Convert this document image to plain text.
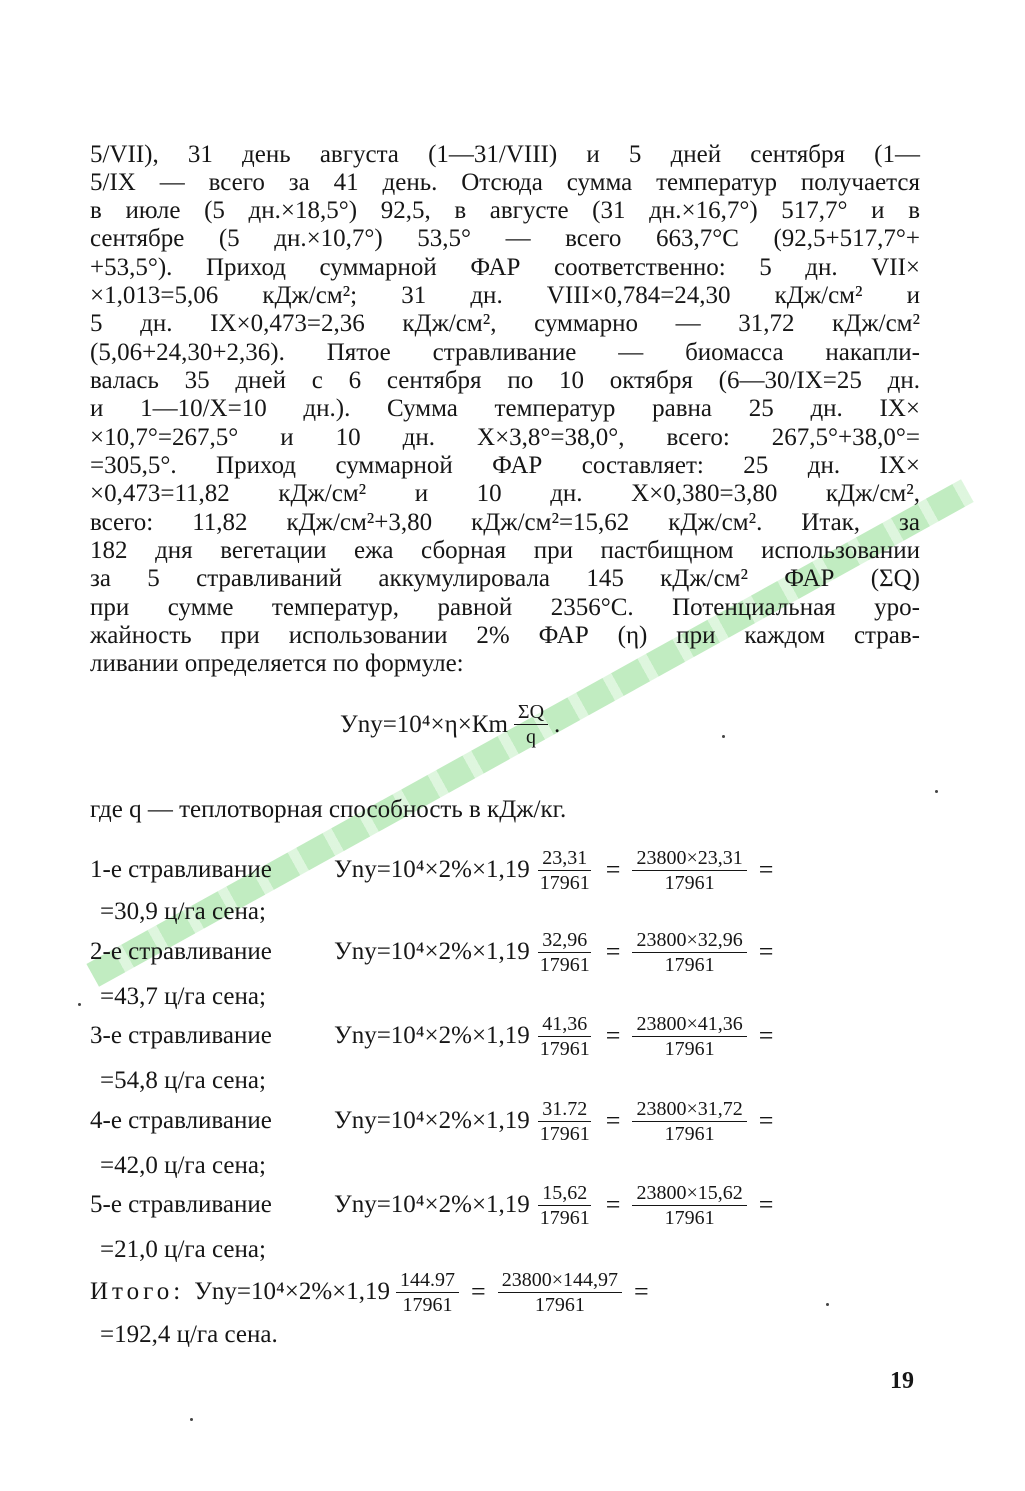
5/VII), 31 день августа (1—31/VIII) и 5 дней сентября (1—
5/IX — всего за 41 день. Отсюда сумма температур получается
в июле (5 дн.×18,5°) 92,5, в августе (31 дн.×16,7°) 517,7° и в
сентябре (5 дн.×10,7°) 53,5° — всего 663,7°С (92,5+517,7°+
+53,5°). Приход суммарной ФАР соответственно: 5 дн. VII×
×1,013=5,06 кДж/см²; 31 дн. VIII×0,784=24,30 кДж/см² и
5 дн. IX×0,473=2,36 кДж/см², суммарно — 31,72 кДж/см²
(5,06+24,30+2,36). Пятое стравливание — биомасса накапли-
валась 35 дней с 6 сентября по 10 октября (6—30/IX=25 дн.
и 1—10/X=10 дн.). Сумма температур равна 25 дн. IX×
×10,7°=267,5° и 10 дн. X×3,8°=38,0°, всего: 267,5°+38,0°=
=305,5°. Приход суммарной ФАР составляет: 25 дн. IX×
×0,473=11,82 кДж/см² и 10 дн. X×0,380=3,80 кДж/см²,
всего: 11,82 кДж/см²+3,80 кДж/см²=15,62 кДж/см². Итак, за
182 дня вегетации ежа сборная при пастбищном использовании
за 5 стравливаний аккумулировала 145 кДж/см² ФАР (ΣQ)
при сумме температур, равной 2356°С. Потенциальная уро-
жайность при использовании 2% ФАР (η) при каждом страв-
ливании определяется по формуле:
$Уnу=10^4\times\eta\times Кm \frac{\Sigma Q}{q}$ .
где q — теплотворная способность в кДж/кг.
1-е стравливание	$Уnу=10^4\times 2\%\times 1,19 \frac{23,31}{17961} = \frac{23800\times 23,31}{17961}$ =
=30,9 ц/га сена;
2-е стравливание	$Уnу=10^4\times 2\%\times 1,19 \frac{32,96}{17961} = \frac{23800\times 32,96}{17961}$ =
=43,7 ц/га сена;
3-е стравливание	$Уnу=10^4\times 2\%\times 1,19 \frac{41,36}{17961} = \frac{23800\times 41,36}{17961}$ =
=54,8 ц/га сена;
4-е стравливание	$Уnу=10^4\times 2\%\times 1,19 \frac{31.72}{17961} = \frac{23800\times 31,72}{17961}$ =
=42,0 ц/га сена;
5-е стравливание	$Уnу=10^4\times 2\%\times 1,19 \frac{15,62}{17961} = \frac{23800\times 15,62}{17961}$ =
=21,0 ц/га сена;
Итого: $Уnу=10^4\times 2\%\times 1,19 \frac{144.97}{17961} = \frac{23800\times 144,97}{17961}$ =
=192,4 ц/га сена.
19
